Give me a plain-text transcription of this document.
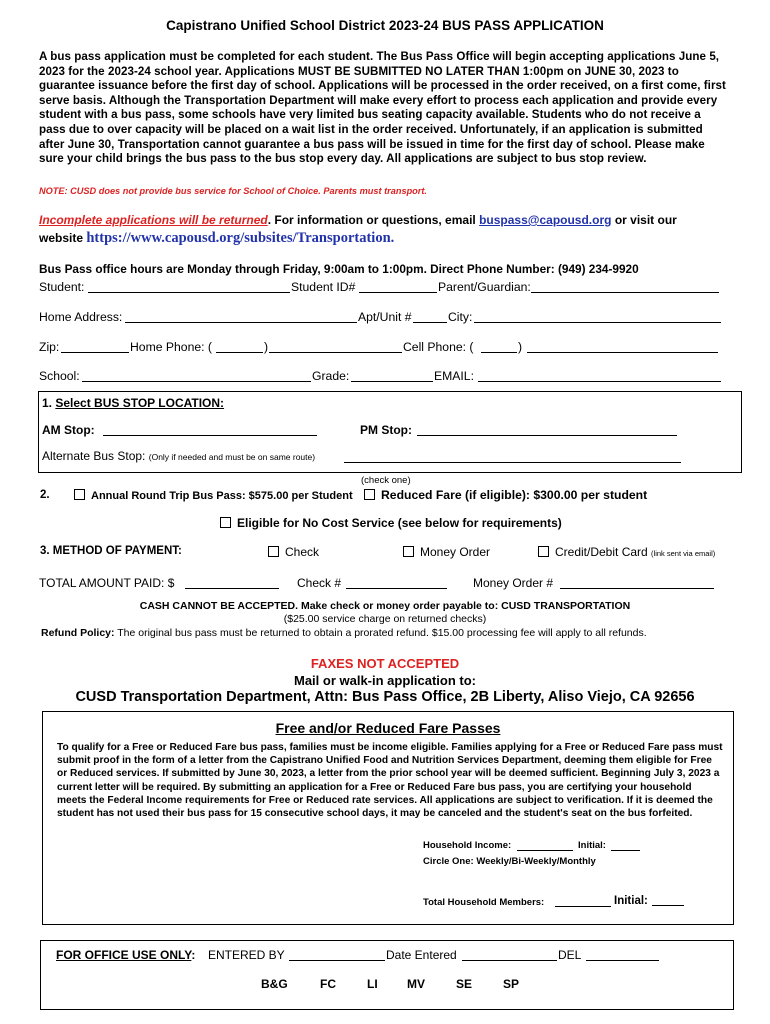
Capistrano Unified School District 2023-24 BUS PASS APPLICATION
A bus pass application must be completed for each student. The Bus Pass Office will begin accepting applications June 5, 2023 for the 2023-24 school year. Applications MUST BE SUBMITTED NO LATER THAN 1:00pm on JUNE 30, 2023 to guarantee issuance before the first day of school. Applications will be processed in the order received, on a first come, first serve basis. Although the Transportation Department will make every effort to process each application and provide every student with a bus pass, some schools have very limited bus seating capacity available. Students who do not receive a pass due to over capacity will be placed on a wait list in the order received. Unfortunately, if an application is submitted after June 30, Transportation cannot guarantee a bus pass will be issued in time for the first day of school. Please make sure your child brings the bus pass to the bus stop every day. All applications are subject to bus stop review.
NOTE: CUSD does not provide bus service for School of Choice. Parents must transport.
Incomplete applications will be returned. For information or questions, email buspass@capousd.org or visit our
website https://www.capousd.org/subsites/Transportation.
Bus Pass office hours are Monday through Friday, 9:00am to 1:00pm. Direct Phone Number: (949) 234-9920
Student:	Student ID#	Parent/Guardian:
Home Address:	Apt/Unit #	City:
Zip:	Home Phone: (	)	Cell Phone: (	)
School:	Grade:	EMAIL:
1. Select BUS STOP LOCATION:
AM Stop:	PM Stop:
Alternate Bus Stop: (Only if needed and must be on same route)
(check one)
2.	Annual Round Trip Bus Pass: $575.00 per Student	Reduced Fare (if eligible): $300.00 per student
Eligible for No Cost Service (see below for requirements)
3. METHOD OF PAYMENT:	Check	Money Order	Credit/Debit Card (link sent via email)
TOTAL AMOUNT PAID: $	Check #	Money Order #
CASH CANNOT BE ACCEPTED. Make check or money order payable to: CUSD TRANSPORTATION
($25.00 service charge on returned checks)
Refund Policy: The original bus pass must be returned to obtain a prorated refund. $15.00 processing fee will apply to all refunds.
FAXES NOT ACCEPTED
Mail or walk-in application to:
CUSD Transportation Department, Attn: Bus Pass Office, 2B Liberty, Aliso Viejo, CA 92656
Free and/or Reduced Fare Passes
To qualify for a Free or Reduced Fare bus pass, families must be income eligible. Families applying for a Free or Reduced Fare pass must submit proof in the form of a letter from the Capistrano Unified Food and Nutrition Services Department, deeming them eligible for Free or Reduced services. If submitted by June 30, 2023, a letter from the prior school year will be deemed sufficient. Beginning July 3, 2023 a current letter will be required. By submitting an application for a Free or Reduced Fare bus pass, you are certifying your household meets the Federal Income requirements for Free or Reduced rate services. All applications are subject to verification. If it is deemed the student has not used their bus pass for 15 consecutive school days, it may be canceled and the student's seat on the bus forfeited.
Household Income:	Initial:
Circle One: Weekly/Bi-Weekly/Monthly
Total Household Members:	Initial:
FOR OFFICE USE ONLY: ENTERED BY	Date Entered	DEL
B&G	FC	LI MV	SE	SP
